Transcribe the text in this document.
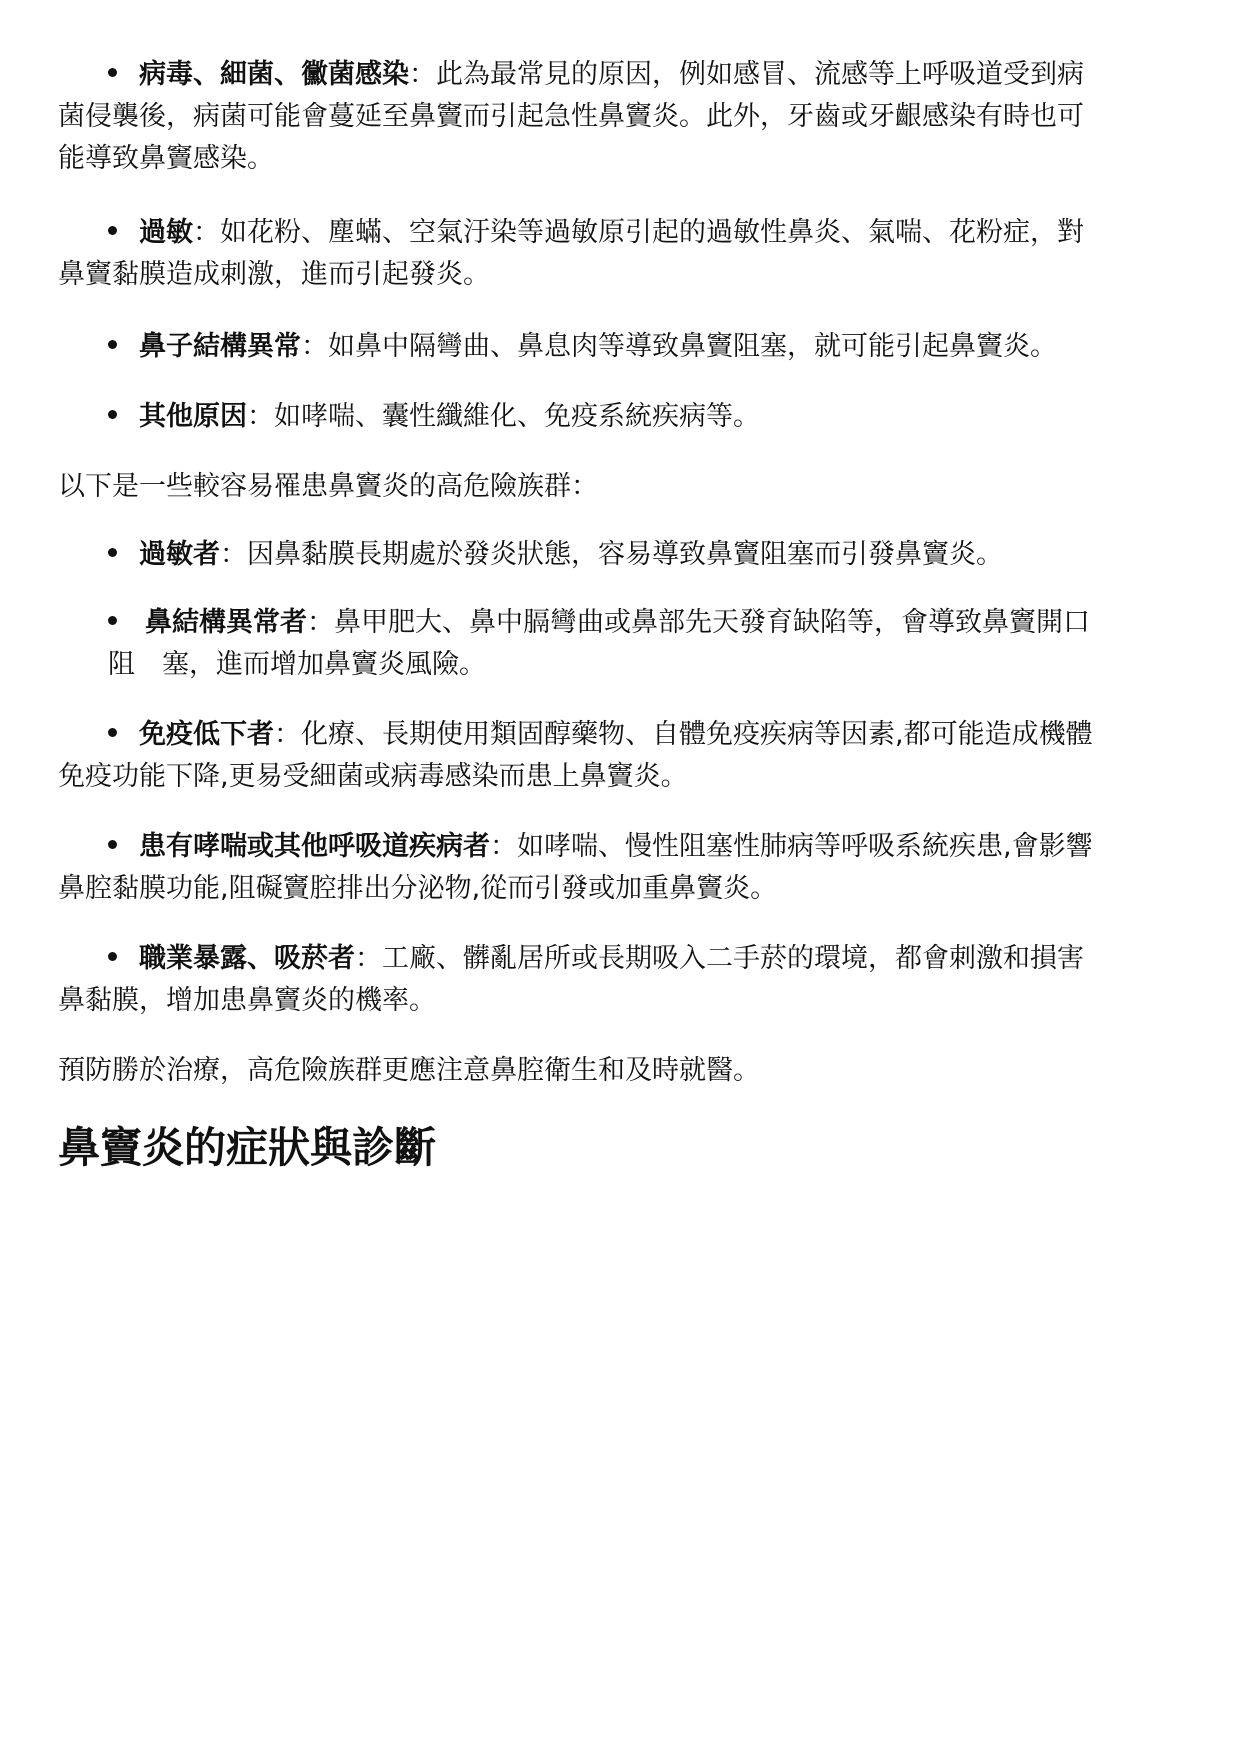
病毒、細菌、黴菌感染：此為最常見的原因，例如感冒、流感等上呼吸道受到病
菌侵襲後，病菌可能會蔓延至鼻竇而引起急性鼻竇炎。此外，牙齒或牙齦感染有時也可
能導致鼻竇感染。
過敏：如花粉、塵蟎、空氣汙染等過敏原引起的過敏性鼻炎、氣喘、花粉症，對
鼻竇黏膜造成刺激，進而引起發炎。
鼻子結構異常：如鼻中隔彎曲、鼻息肉等導致鼻竇阻塞，就可能引起鼻竇炎。
其他原因：如哮喘、囊性纖維化、免疫系統疾病等。
以下是一些較容易罹患鼻竇炎的高危險族群：
過敏者：因鼻黏膜長期處於發炎狀態，容易導致鼻竇阻塞而引發鼻竇炎。
鼻結構異常者：鼻甲肥大、鼻中膈彎曲或鼻部先天發育缺陷等，會導致鼻竇開口
阻　塞，進而增加鼻竇炎風險。
免疫低下者：化療、長期使用類固醇藥物、自體免疫疾病等因素,都可能造成機體
免疫功能下降,更易受細菌或病毒感染而患上鼻竇炎。
患有哮喘或其他呼吸道疾病者：如哮喘、慢性阻塞性肺病等呼吸系統疾患,會影響
鼻腔黏膜功能,阻礙竇腔排出分泌物,從而引發或加重鼻竇炎。
職業暴露、吸菸者：工廠、髒亂居所或長期吸入二手菸的環境，都會刺激和損害
鼻黏膜，增加患鼻竇炎的機率。
預防勝於治療，高危險族群更應注意鼻腔衛生和及時就醫。
鼻竇炎的症狀與診斷
